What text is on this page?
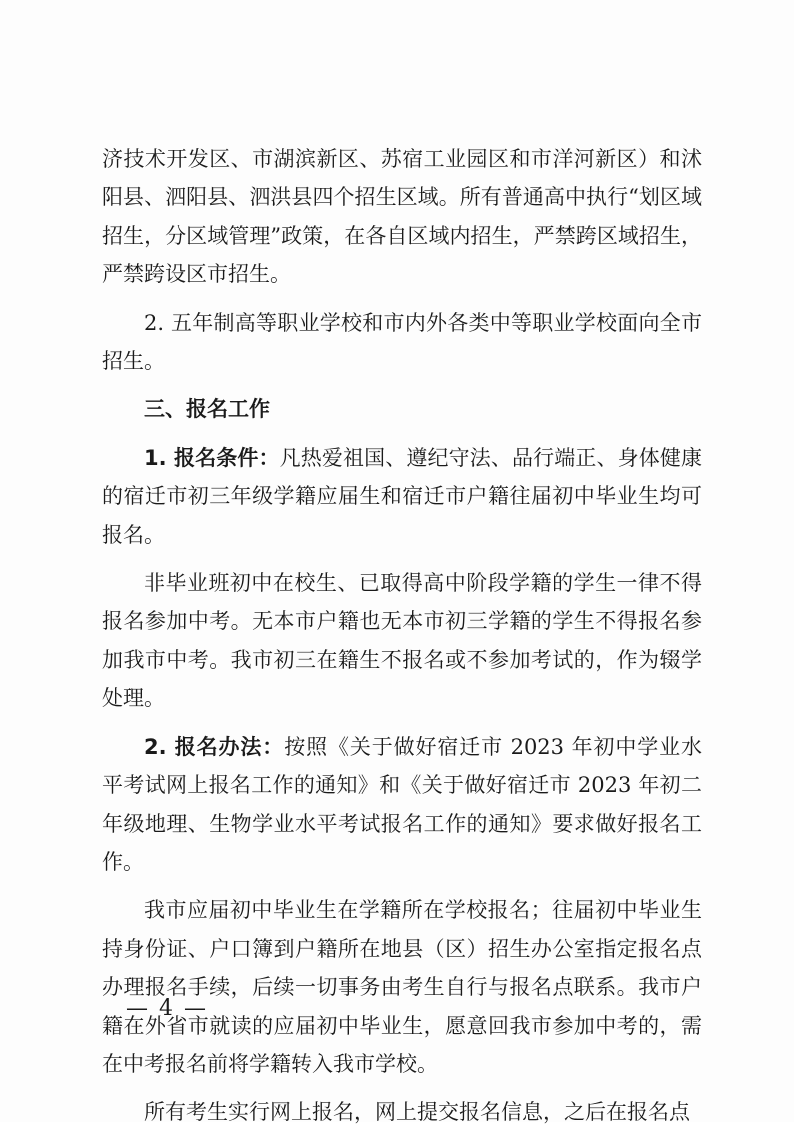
济技术开发区、市湖滨新区、苏宿工业园区和市洋河新区）和沭阳县、泗阳县、泗洪县四个招生区域。所有普通高中执行“划区域招生，分区域管理”政策，在各自区域内招生，严禁跨区域招生，严禁跨设区市招生。

2. 五年制高等职业学校和市内外各类中等职业学校面向全市招生。

三、报名工作

1. 报名条件：凡热爱祖国、遵纪守法、品行端正、身体健康的宿迁市初三年级学籍应届生和宿迁市户籍往届初中毕业生均可报名。

非毕业班初中在校生、已取得高中阶段学籍的学生一律不得报名参加中考。无本市户籍也无本市初三学籍的学生不得报名参加我市中考。我市初三在籍生不报名或不参加考试的，作为辍学处理。

2. 报名办法：按照《关于做好宿迁市 2023 年初中学业水平考试网上报名工作的通知》和《关于做好宿迁市 2023 年初二年级地理、生物学业水平考试报名工作的通知》要求做好报名工作。

我市应届初中毕业生在学籍所在学校报名；往届初中毕业生持身份证、户口簿到户籍所在地县（区）招生办公室指定报名点办理报名手续，后续一切事务由考生自行与报名点联系。我市户籍在外省市就读的应届初中毕业生，愿意回我市参加中考的，需在中考报名前将学籍转入我市学校。

所有考生实行网上报名，网上提交报名信息，之后在报名点

— 4 —
